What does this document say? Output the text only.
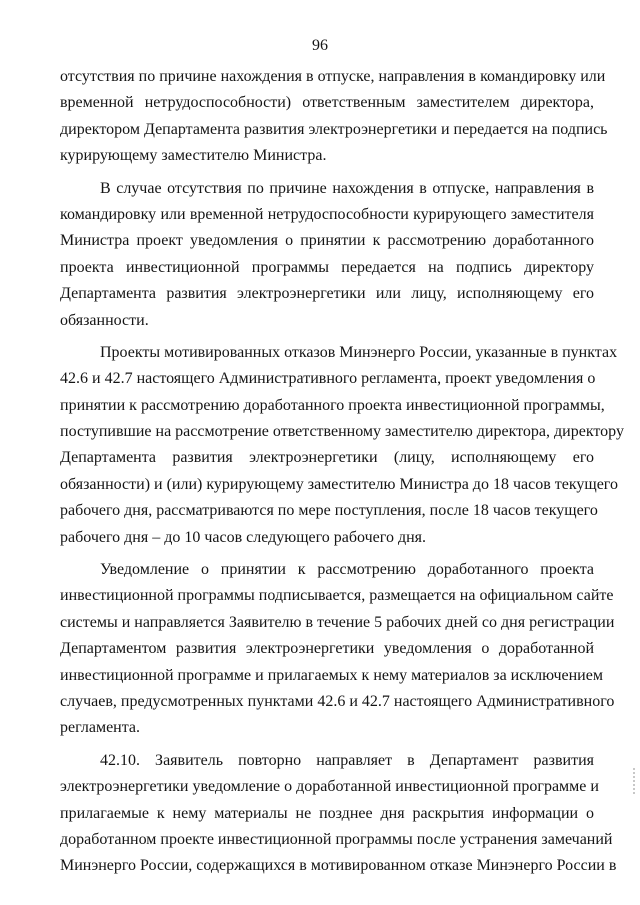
96

отсутствия по причине нахождения в отпуске, направления в командировку или
временной нетрудоспособности) ответственным заместителем директора,
директором Департамента развития электроэнергетики и передается на подпись
курирующему заместителю Министра.

В случае отсутствия по причине нахождения в отпуске, направления в
командировку или временной нетрудоспособности курирующего заместителя
Министра проект уведомления о принятии к рассмотрению доработанного
проекта инвестиционной программы передается на подпись директору
Департамента развития электроэнергетики или лицу, исполняющему его
обязанности.

Проекты мотивированных отказов Минэнерго России, указанные в пунктах
42.6 и 42.7 настоящего Административного регламента, проект уведомления о
принятии к рассмотрению доработанного проекта инвестиционной программы,
поступившие на рассмотрение ответственному заместителю директора, директору
Департамента развития электроэнергетики (лицу, исполняющему его
обязанности) и (или) курирующему заместителю Министра до 18 часов текущего
рабочего дня, рассматриваются по мере поступления, после 18 часов текущего
рабочего дня – до 10 часов следующего рабочего дня.

Уведомление о принятии к рассмотрению доработанного проекта
инвестиционной программы подписывается, размещается на официальном сайте
системы и направляется Заявителю в течение 5 рабочих дней со дня регистрации
Департаментом развития электроэнергетики уведомления о доработанной
инвестиционной программе и прилагаемых к нему материалов за исключением
случаев, предусмотренных пунктами 42.6 и 42.7 настоящего Административного
регламента.

42.10. Заявитель повторно направляет в Департамент развития
электроэнергетики уведомление о доработанной инвестиционной программе и
прилагаемые к нему материалы не позднее дня раскрытия информации о
доработанном проекте инвестиционной программы после устранения замечаний
Минэнерго России, содержащихся в мотивированном отказе Минэнерго России в
